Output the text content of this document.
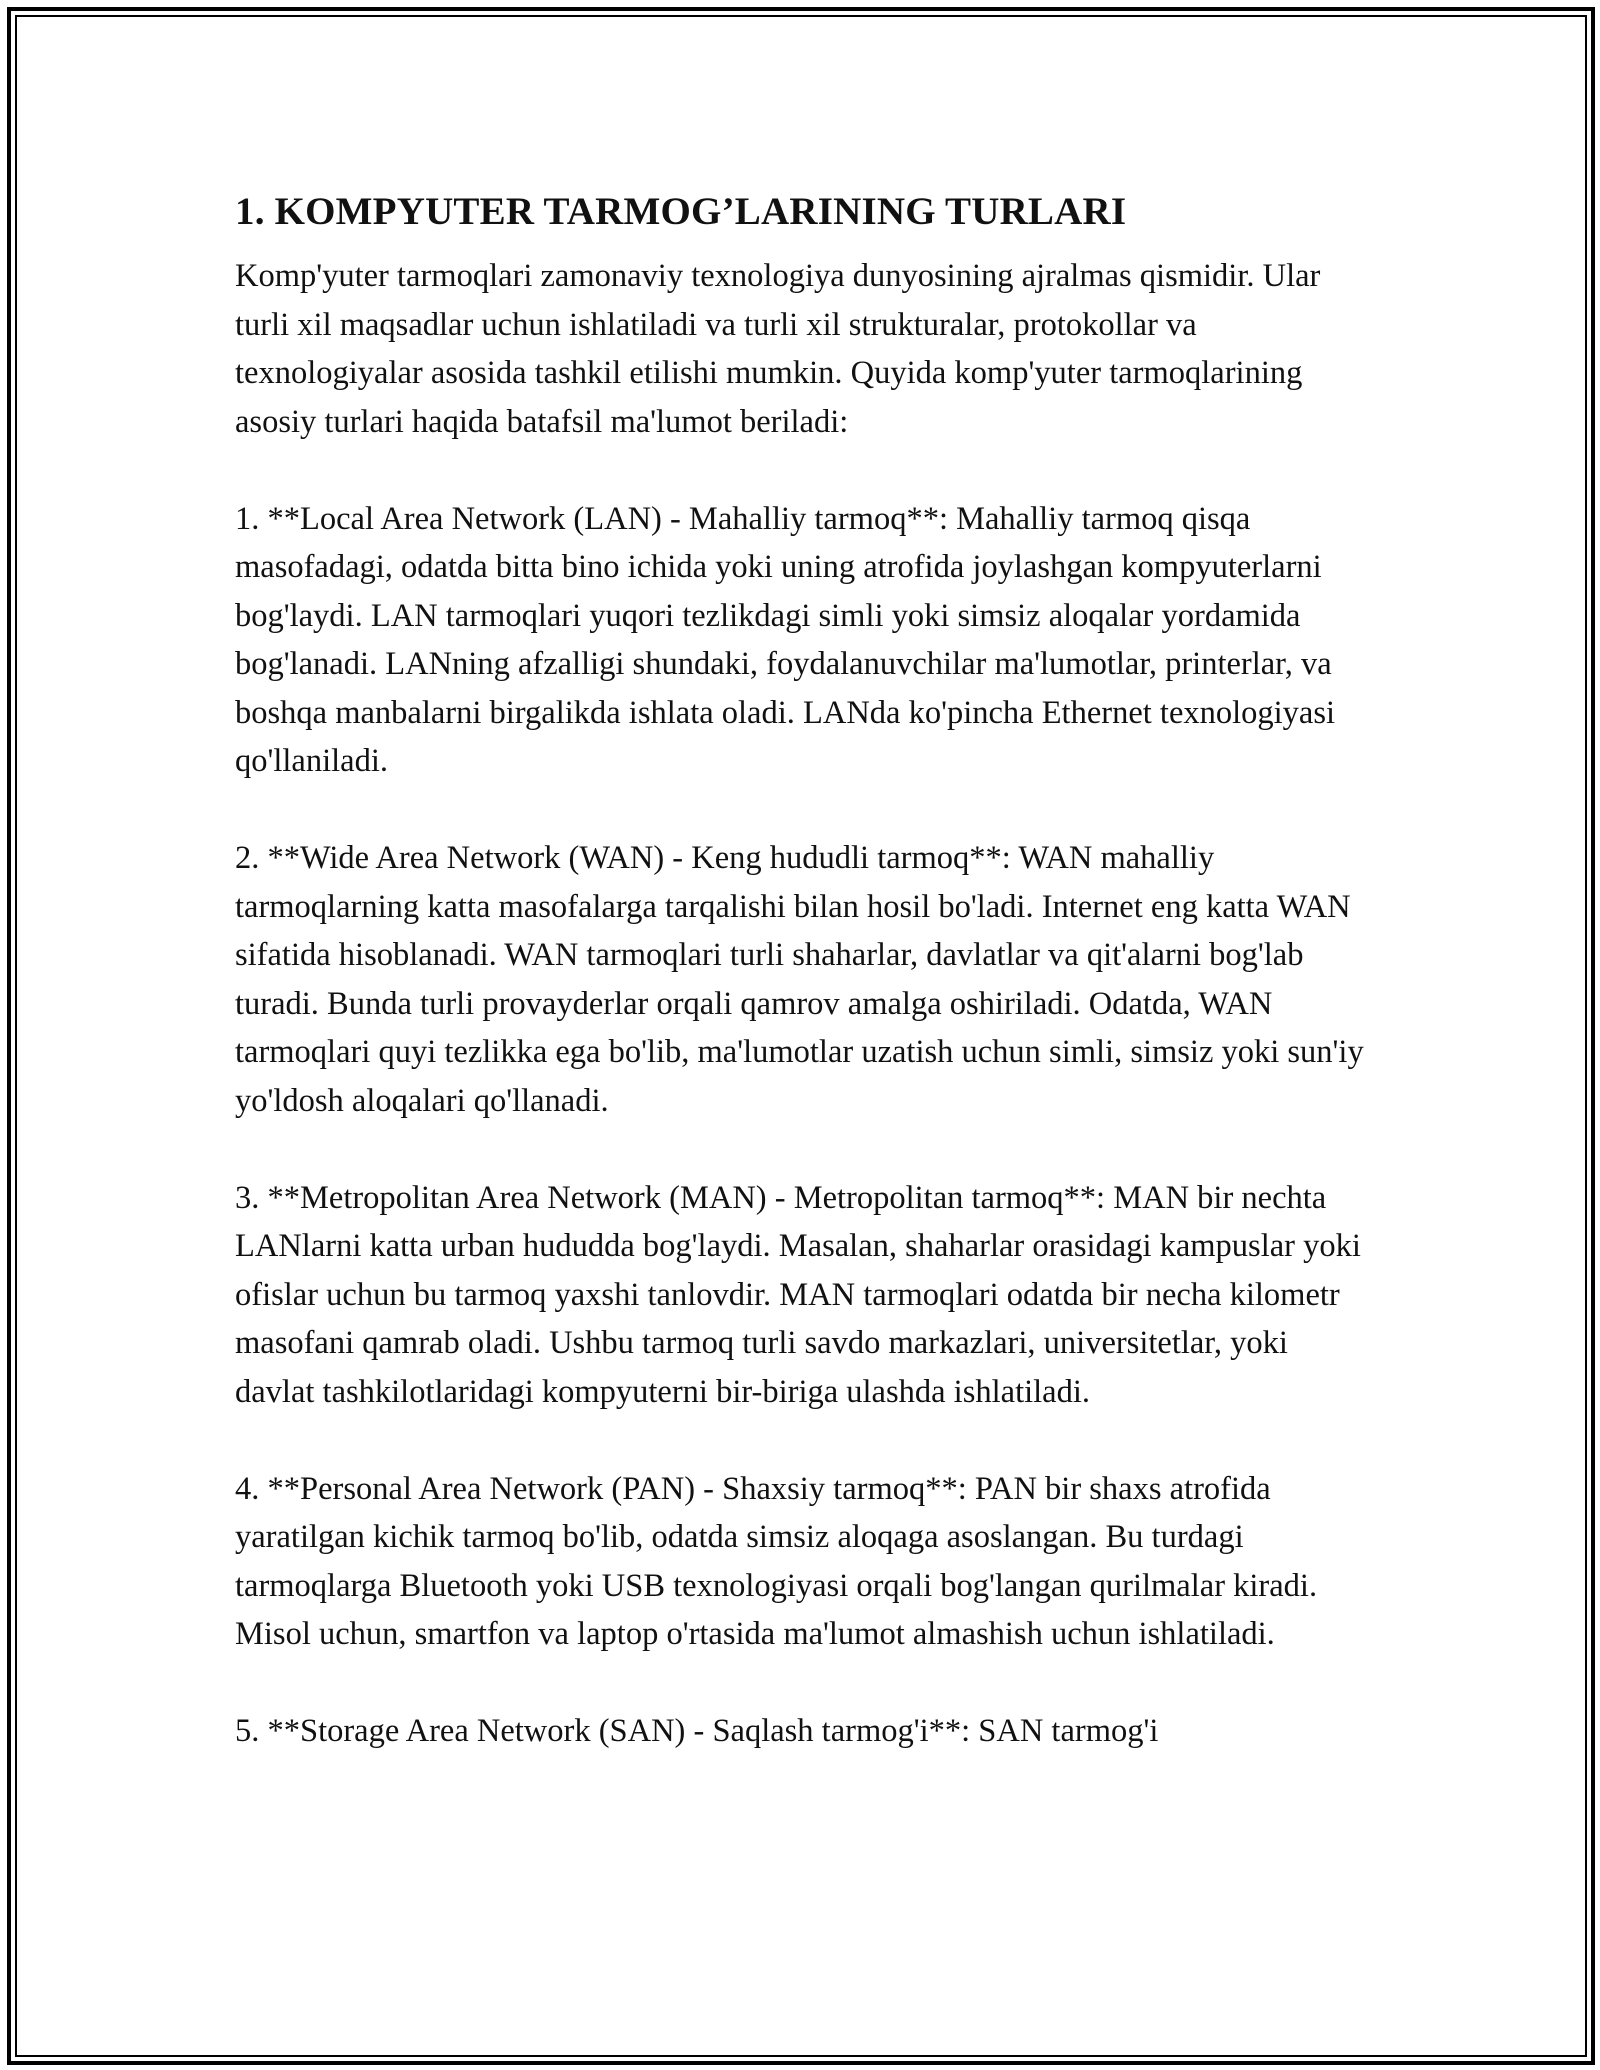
1. KOMPYUTER TARMOG’LARINING TURLARI

Komp'yuter tarmoqlari zamonaviy texnologiya dunyosining ajralmas qismidir. Ular turli xil maqsadlar uchun ishlatiladi va turli xil strukturalar, protokollar va texnologiyalar asosida tashkil etilishi mumkin. Quyida komp'yuter tarmoqlarining asosiy turlari haqida batafsil ma'lumot beriladi:

1. **Local Area Network (LAN) - Mahalliy tarmoq**: Mahalliy tarmoq qisqa masofadagi, odatda bitta bino ichida yoki uning atrofida joylashgan kompyuterlarni bog'laydi. LAN tarmoqlari yuqori tezlikdagi simli yoki simsiz aloqalar yordamida bog'lanadi. LANning afzalligi shundaki, foydalanuvchilar ma'lumotlar, printerlar, va boshqa manbalarni birgalikda ishlata oladi. LANda ko'pincha Ethernet texnologiyasi qo'llaniladi.

2. **Wide Area Network (WAN) - Keng hududli tarmoq**: WAN mahalliy tarmoqlarning katta masofalarga tarqalishi bilan hosil bo'ladi. Internet eng katta WAN sifatida hisoblanadi. WAN tarmoqlari turli shaharlar, davlatlar va qit'alarni bog'lab turadi. Bunda turli provayderlar orqali qamrov amalga oshiriladi. Odatda, WAN tarmoqlari quyi tezlikka ega bo'lib, ma'lumotlar uzatish uchun simli, simsiz yoki sun'iy yo'ldosh aloqalari qo'llanadi.

3. **Metropolitan Area Network (MAN) - Metropolitan tarmoq**: MAN bir nechta LANlarni katta urban hududda bog'laydi. Masalan, shaharlar orasidagi kampuslar yoki ofislar uchun bu tarmoq yaxshi tanlovdir. MAN tarmoqlari odatda bir necha kilometr masofani qamrab oladi. Ushbu tarmoq turli savdo markazlari, universitetlar, yoki davlat tashkilotlaridagi kompyuterni bir-biriga ulashda ishlatiladi.

4. **Personal Area Network (PAN) - Shaxsiy tarmoq**: PAN bir shaxs atrofida yaratilgan kichik tarmoq bo'lib, odatda simsiz aloqaga asoslangan. Bu turdagi tarmoqlarga Bluetooth yoki USB texnologiyasi orqali bog'langan qurilmalar kiradi. Misol uchun, smartfon va laptop o'rtasida ma'lumot almashish uchun ishlatiladi.

5. **Storage Area Network (SAN) - Saqlash tarmog'i**: SAN tarmog'i
